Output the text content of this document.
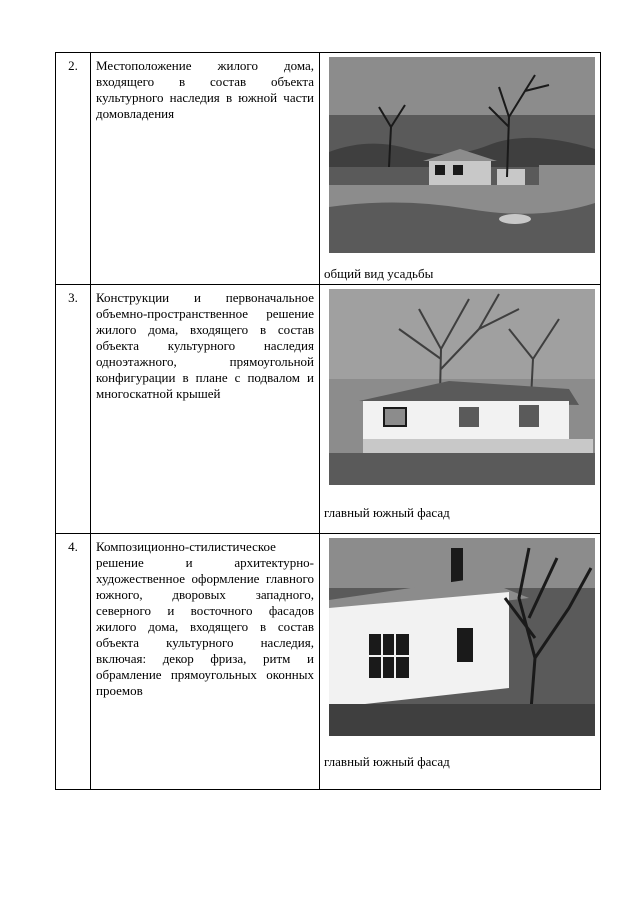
2.	Местоположение жилого дома, входящего в состав объекта культурного наследия в южной части домовладения	общий вид усадьбы

3.	Конструкции и первоначальное объемно-пространственное решение жилого дома, входящего в состав объекта культурного наследия одноэтажного, прямоугольной конфигурации в плане с подвалом и многоскатной крышей	главный южный фасад

4.	Композиционно-стилистическое решение и архитектурно-художественное оформление главного южного, дворовых западного, северного и восточного фасадов жилого дома, входящего в состав объекта культурного наследия, включая: декор фриза, ритм и обрамление прямоугольных оконных проемов	главный южный фасад
